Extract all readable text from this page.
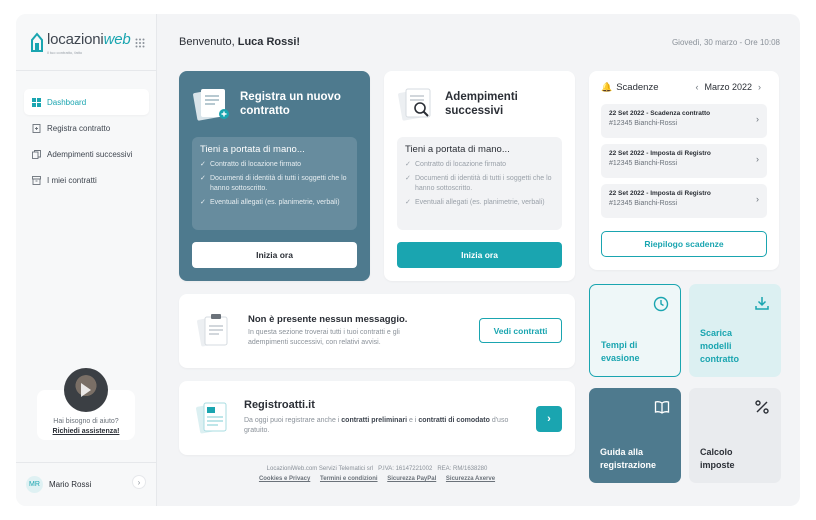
locazioniweb
il tuo contratto, fatto
Dashboard
Registra contratto
Adempimenti successivi
I miei contratti
Hai bisogno di aiuto?
Richiedi assistenza!
MR	Mario Rossi	›
Benvenuto, Luca Rossi!	Giovedì, 30 marzo - Ore 10:08
Registra un nuovo contratto
Tieni a portata di mano...
✓ Contratto di locazione firmato
✓ Documenti di identità di tutti i soggetti che lo hanno sottoscritto.
✓ Eventuali allegati (es. planimetrie, verbali)
Inizia ora
Adempimenti successivi
Tieni a portata di mano...
✓ Contratto di locazione firmato
✓ Documenti di identità di tutti i soggetti che lo hanno sottoscritto.
✓ Eventuali allegati (es. planimetrie, verbali)
Inizia ora
🔔 Scadenze	‹ Marzo 2022 ›
22 Set 2022 - Scadenza contratto
#12345 Bianchi-Rossi	›
22 Set 2022 - Imposta di Registro
#12345 Bianchi-Rossi	›
22 Set 2022 - Imposta di Registro
#12345 Bianchi-Rossi	›
Riepilogo scadenze
Non è presente nessun messaggio.
In questa sezione troverai tutti i tuoi contratti e gli adempimenti successivi, con relativi avvisi.
Vedi contratti
Registroatti.it
Da oggi puoi registrare anche i contratti preliminari e i contratti di comodato d'uso gratuito.
›
Tempi di evasione
Scarica modelli contratto
Guida alla registrazione
Calcolo imposte
LocazioniWeb.com Servizi Telematici srl P.IVA: 16147221002 REA: RM/1638280
Cookies e Privacy Termini e condizioni Sicurezza PayPal Sicurezza Axerve
